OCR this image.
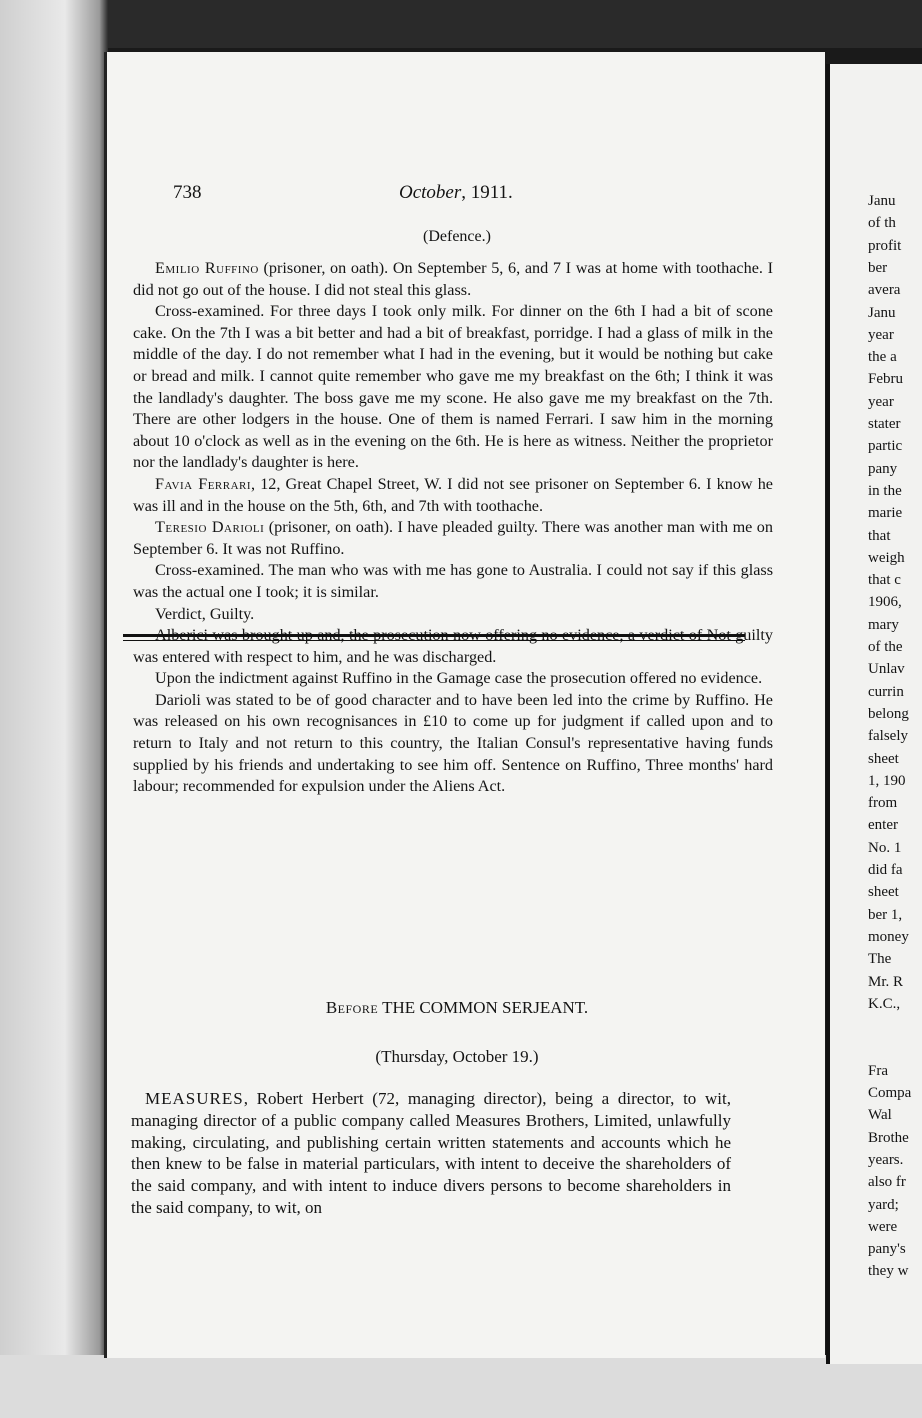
738	October, 1911.
(Defence.)

Emilio Ruffino (prisoner, on oath). On September 5, 6, and 7 I was at home with toothache. I did not go out of the house. I did not steal this glass.

Cross-examined. For three days I took only milk. For dinner on the 6th I had a bit of scone cake. On the 7th I was a bit better and had a bit of breakfast, porridge. I had a glass of milk in the middle of the day. I do not remember what I had in the evening, but it would be nothing but cake or bread and milk. I cannot quite remember who gave me my breakfast on the 6th; I think it was the landlady's daughter. The boss gave me my scone. He also gave me my breakfast on the 7th. There are other lodgers in the house. One of them is named Ferrari. I saw him in the morning about 10 o'clock as well as in the evening on the 6th. He is here as witness. Neither the proprietor nor the landlady's daughter is here.

Favia Ferrari, 12, Great Chapel Street, W. I did not see prisoner on September 6. I know he was ill and in the house on the 5th, 6th, and 7th with toothache.

Teresio Darioli (prisoner, on oath). I have pleaded guilty. There was another man with me on September 6. It was not Ruffino.

Cross-examined. The man who was with me has gone to Australia. I could not say if this glass was the actual one I took; it is similar.

Verdict, Guilty.

Alberici was brought up and, the prosecution now offering no evidence, a verdict of Not guilty was entered with respect to him, and he was discharged.

Upon the indictment against Ruffino in the Gamage case the prosecution offered no evidence.

Darioli was stated to be of good character and to have been led into the crime by Ruffino. He was released on his own recognisances in £10 to come up for judgment if called upon and to return to Italy and not return to this country, the Italian Consul's representative having funds supplied by his friends and undertaking to see him off. Sentence on Ruffino, Three months' hard labour; recommended for expulsion under the Aliens Act.

Before THE COMMON SERJEANT.
(Thursday, October 19.)

MEASURES, Robert Herbert (72, managing director), being a director, to wit, managing director of a public company called Measures Brothers, Limited, unlawfully making, circulating, and publishing certain written statements and accounts which he then knew to be false in material particulars, with intent to deceive the shareholders of the said company, and with intent to induce divers persons to become shareholders in the said company, to wit, on

Janu
of th
profit
ber
avera
Janu
year
the a
Febru
year
stater
partic
pany
in the
marie
that
weigh
that c
1906,
mary
of the
Unlav
currin
belong
falsely
sheet
1, 190
from
enter
No. 1
did fa
sheet
ber 1,
money
The
Mr. R
K.C.,
Fra
Compa
Wal
Brothe
years.
also fr
yard;
were
pany's
they w
